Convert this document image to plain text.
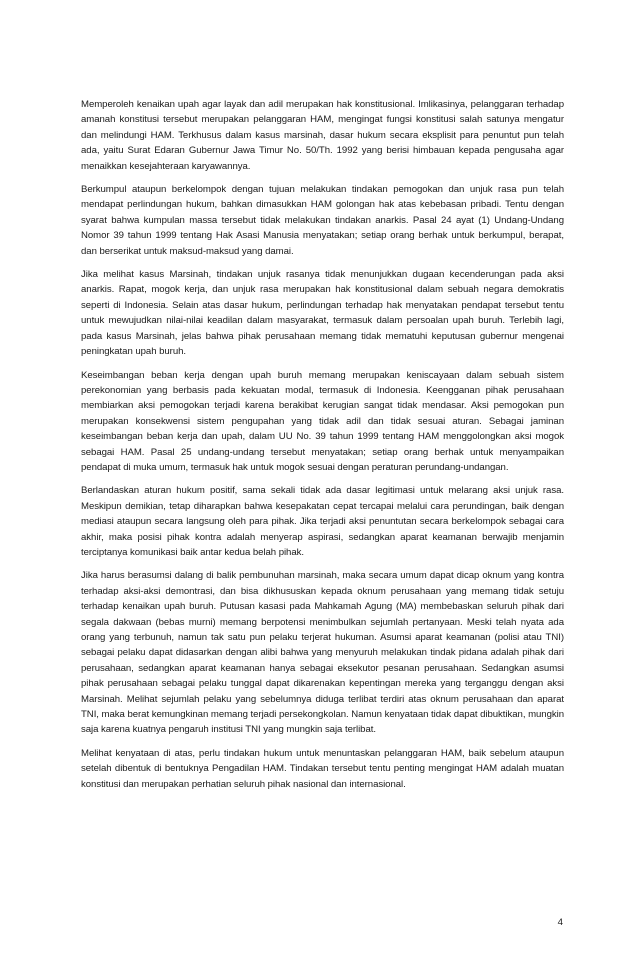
Memperoleh kenaikan upah agar layak dan adil merupakan hak konstitusional. Imlikasinya, pelanggaran terhadap amanah konstitusi tersebut merupakan pelanggaran HAM, mengingat fungsi konstitusi salah satunya mengatur dan melindungi HAM. Terkhusus dalam kasus marsinah, dasar hukum secara eksplisit para penuntut pun telah ada, yaitu Surat Edaran Gubernur Jawa Timur No. 50/Th. 1992 yang berisi himbauan kepada pengusaha agar menaikkan kesejahteraan karyawannya.

Berkumpul ataupun berkelompok dengan tujuan melakukan tindakan pemogokan dan unjuk rasa pun telah mendapat perlindungan hukum, bahkan dimasukkan HAM golongan hak atas kebebasan pribadi. Tentu dengan syarat bahwa kumpulan massa tersebut tidak melakukan tindakan anarkis. Pasal 24 ayat (1) Undang-Undang Nomor 39 tahun 1999 tentang Hak Asasi Manusia menyatakan; setiap orang berhak untuk berkumpul, berapat, dan berserikat untuk maksud-maksud yang damai.

Jika melihat kasus Marsinah, tindakan unjuk rasanya tidak menunjukkan dugaan kecenderungan pada aksi anarkis. Rapat, mogok kerja, dan unjuk rasa merupakan hak konstitusional dalam sebuah negara demokratis seperti di Indonesia. Selain atas dasar hukum, perlindungan terhadap hak menyatakan pendapat tersebut tentu untuk mewujudkan nilai-nilai keadilan dalam masyarakat, termasuk dalam persoalan upah buruh. Terlebih lagi, pada kasus Marsinah, jelas bahwa pihak perusahaan memang tidak mematuhi keputusan gubernur mengenai peningkatan upah buruh.

Keseimbangan beban kerja dengan upah buruh memang merupakan keniscayaan dalam sebuah sistem perekonomian yang berbasis pada kekuatan modal, termasuk di Indonesia. Keengganan pihak perusahaan membiarkan aksi pemogokan terjadi karena berakibat kerugian sangat tidak mendasar. Aksi pemogokan pun merupakan konsekwensi sistem pengupahan yang tidak adil dan tidak sesuai aturan. Sebagai jaminan keseimbangan beban kerja dan upah, dalam UU No. 39 tahun 1999 tentang HAM menggolongkan aksi mogok sebagai HAM. Pasal 25 undang-undang tersebut menyatakan; setiap orang berhak untuk menyampaikan pendapat di muka umum, termasuk hak untuk mogok sesuai dengan peraturan perundang-undangan.

Berlandaskan aturan hukum positif, sama sekali tidak ada dasar legitimasi untuk melarang aksi unjuk rasa. Meskipun demikian, tetap diharapkan bahwa kesepakatan cepat tercapai melalui cara perundingan, baik dengan mediasi ataupun secara langsung oleh para pihak. Jika terjadi aksi penuntutan secara berkelompok sebagai cara akhir, maka posisi pihak kontra adalah menyerap aspirasi, sedangkan aparat keamanan berwajib menjamin terciptanya komunikasi baik antar kedua belah pihak.

Jika harus berasumsi dalang di balik pembunuhan marsinah, maka secara umum dapat dicap oknum yang kontra terhadap aksi-aksi demontrasi, dan bisa dikhususkan kepada oknum perusahaan yang memang tidak setuju terhadap kenaikan upah buruh. Putusan kasasi pada Mahkamah Agung (MA) membebaskan seluruh pihak dari segala dakwaan (bebas murni) memang berpotensi menimbulkan sejumlah pertanyaan. Meski telah nyata ada orang yang terbunuh, namun tak satu pun pelaku terjerat hukuman. Asumsi aparat keamanan (polisi atau TNI) sebagai pelaku dapat didasarkan dengan alibi bahwa yang menyuruh melakukan tindak pidana adalah pihak dari perusahaan, sedangkan aparat keamanan hanya sebagai eksekutor pesanan perusahaan. Sedangkan asumsi pihak perusahaan sebagai pelaku tunggal dapat dikarenakan kepentingan mereka yang terganggu dengan aksi Marsinah. Melihat sejumlah pelaku yang sebelumnya diduga terlibat terdiri atas oknum perusahaan dan aparat TNI, maka berat kemungkinan memang terjadi persekongkolan. Namun kenyataan tidak dapat dibuktikan, mungkin saja karena kuatnya pengaruh institusi TNI yang mungkin saja terlibat.

Melihat kenyataan di atas, perlu tindakan hukum untuk menuntaskan pelanggaran HAM, baik sebelum ataupun setelah dibentuk di bentuknya Pengadilan HAM. Tindakan tersebut tentu penting mengingat HAM adalah muatan konstitusi dan merupakan perhatian seluruh pihak nasional dan internasional.

4
